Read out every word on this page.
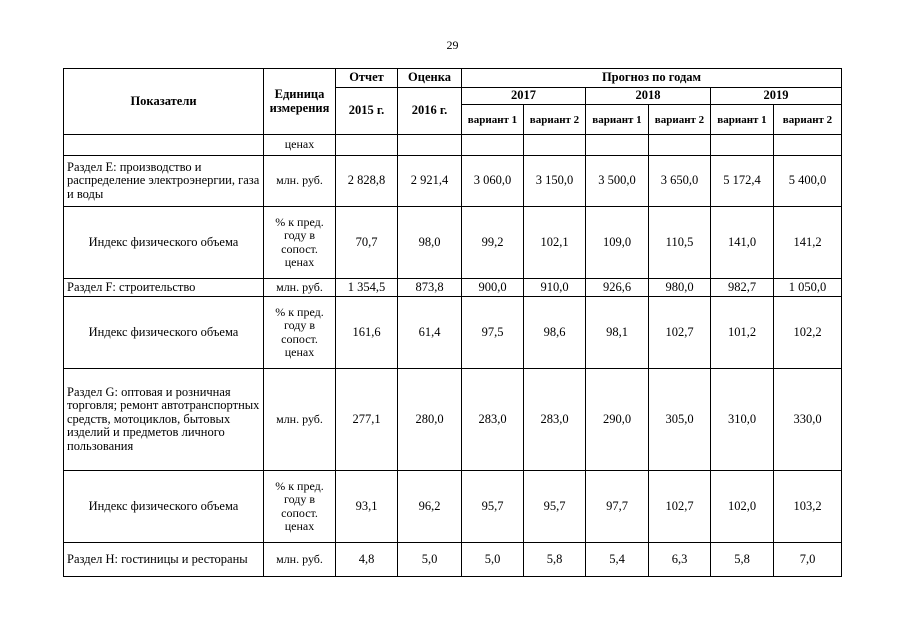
29
Показатели	Единица измерения	Отчет	Оценка	Прогноз по годам					
		2015 г.	2016 г.	2017		2018		2019	
				вариант 1	вариант 2	вариант 1	вариант 2	вариант 1	вариант 2
	ценах								
Раздел E: производство и распределение электроэнергии, газа и воды	млн. руб.	2 828,8	2 921,4	3 060,0	3 150,0	3 500,0	3 650,0	5 172,4	5 400,0
Индекс физического объема	% к пред. году в сопост. ценах	70,7	98,0	99,2	102,1	109,0	110,5	141,0	141,2
Раздел F: строительство	млн. руб.	1 354,5	873,8	900,0	910,0	926,6	980,0	982,7	1 050,0
Индекс физического объема	% к пред. году в сопост. ценах	161,6	61,4	97,5	98,6	98,1	102,7	101,2	102,2
Раздел G: оптовая и розничная торговля; ремонт автотранспортных средств, мотоциклов, бытовых изделий и предметов личного пользования	млн. руб.	277,1	280,0	283,0	283,0	290,0	305,0	310,0	330,0
Индекс физического объема	% к пред. году в сопост. ценах	93,1	96,2	95,7	95,7	97,7	102,7	102,0	103,2
Раздел H: гостиницы и рестораны	млн. руб.	4,8	5,0	5,0	5,8	5,4	6,3	5,8	7,0
